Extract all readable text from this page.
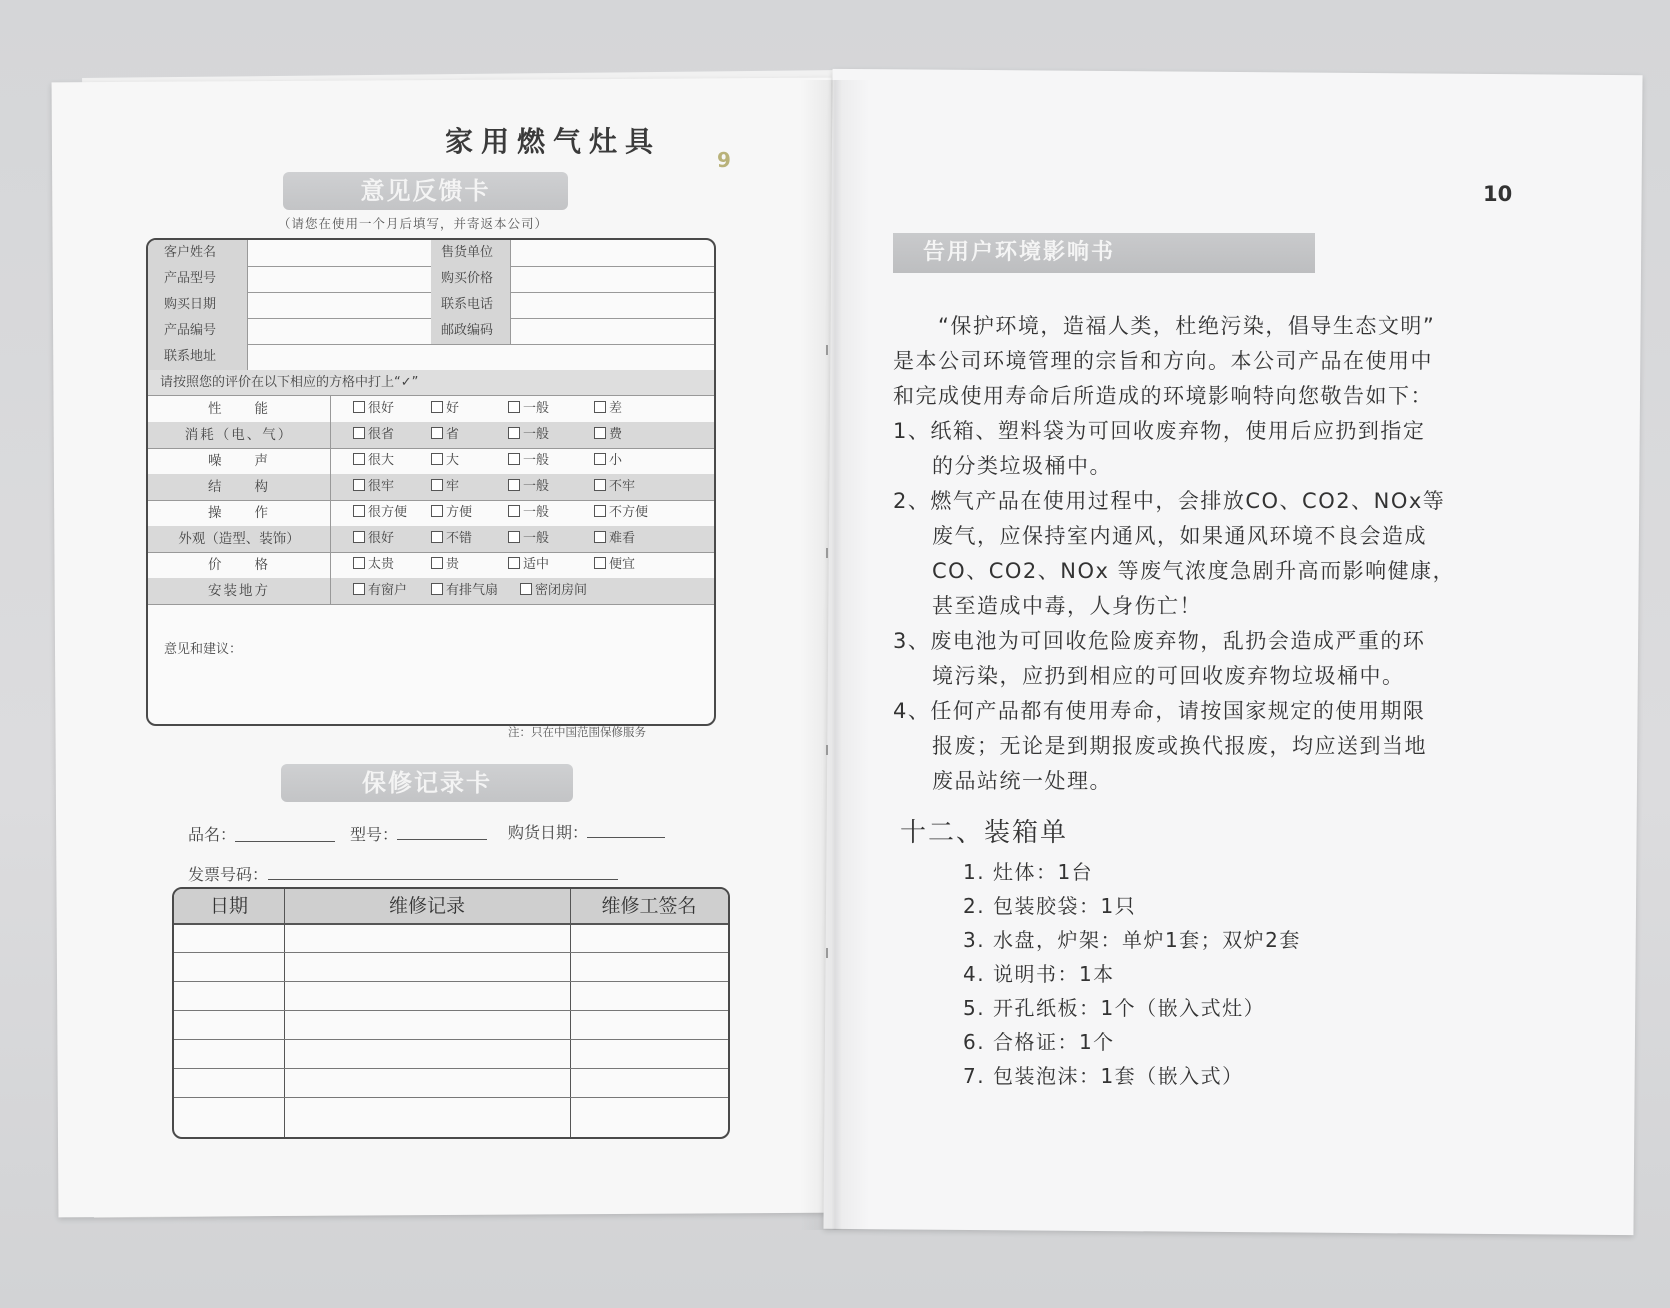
家用燃气灶具
9
意见反馈卡
（请您在使用一个月后填写，并寄返本公司）
客户姓名	售货单位
产品型号	购买价格
购买日期	联系电话
产品编号	邮政编码
联系地址
请按照您的评价在以下相应的方格中打上“✓”
性　　能	很好	好	一般	差
消耗（电、气）	很省	省	一般	费
噪　　声	很大	大	一般	小
结　　构	很牢	牢	一般	不牢
操　　作	很方便	方便	一般	不方便
外观（造型、装饰）	很好	不错	一般	难看
价　　格	太贵	贵	适中	便宜
安装地方	有窗户	有排气扇	密闭房间
意见和建议：
注：只在中国范围保修服务
保修记录卡
品名：	型号：	购货日期：
发票号码：
日期	维修记录	维修工签名
10
告用户环境影响书
“保护环境，造福人类，杜绝污染，倡导生态文明”
是本公司环境管理的宗旨和方向。本公司产品在使用中
和完成使用寿命后所造成的环境影响特向您敬告如下：
1、纸箱、塑料袋为可回收废弃物，使用后应扔到指定
的分类垃圾桶中。
2、燃气产品在使用过程中，会排放CO、CO2、NOx等
废气，应保持室内通风，如果通风环境不良会造成
CO、CO2、NOx 等废气浓度急剧升高而影响健康，
甚至造成中毒，人身伤亡！
3、废电池为可回收危险废弃物，乱扔会造成严重的环
境污染，应扔到相应的可回收废弃物垃圾桶中。
4、任何产品都有使用寿命，请按国家规定的使用期限
报废；无论是到期报废或换代报废，均应送到当地
废品站统一处理。
十二、装箱单
1. 灶体：1台
2. 包装胶袋：1只
3. 水盘，炉架：单炉1套；双炉2套
4. 说明书：1本
5. 开孔纸板：1个（嵌入式灶）
6. 合格证：1个
7. 包装泡沫：1套（嵌入式）
